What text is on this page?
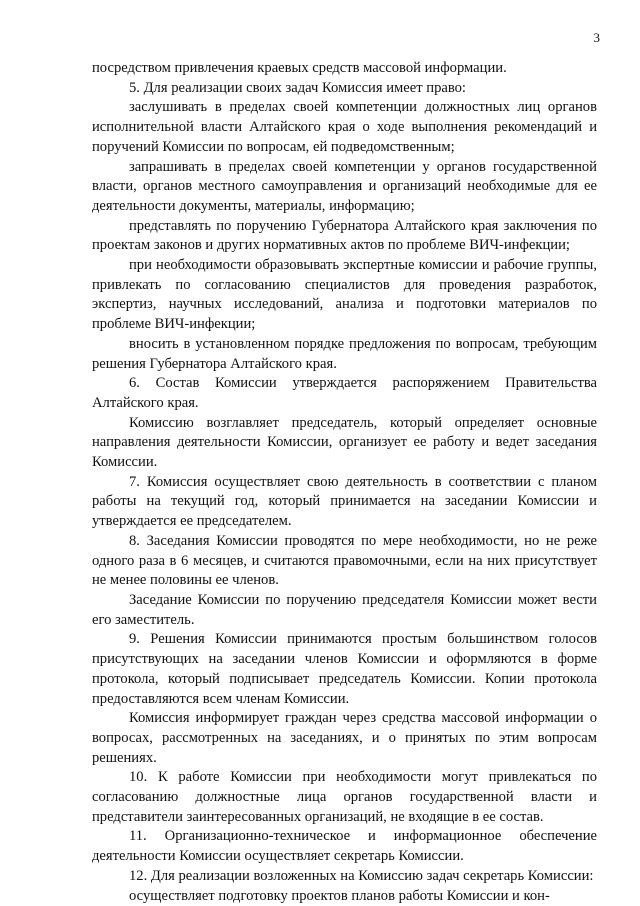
3

посредством привлечения краевых средств массовой информации.

5. Для реализации своих задач Комиссия имеет право:

заслушивать в пределах своей компетенции должностных лиц органов исполнительной власти Алтайского края о ходе выполнения рекомендаций и поручений Комиссии по вопросам, ей подведомственным;

запрашивать в пределах своей компетенции у органов государственной власти, органов местного самоуправления и организаций необходимые для ее деятельности документы, материалы, информацию;

представлять по поручению Губернатора Алтайского края заключения по проектам законов и других нормативных актов по проблеме ВИЧ-инфекции;

при необходимости образовывать экспертные комиссии и рабочие группы, привлекать по согласованию специалистов для проведения разработок, экспертиз, научных исследований, анализа и подготовки материалов по проблеме ВИЧ-инфекции;

вносить в установленном порядке предложения по вопросам, требующим решения Губернатора Алтайского края.

6. Состав Комиссии утверждается распоряжением Правительства Алтайского края.

Комиссию возглавляет председатель, который определяет основные направления деятельности Комиссии, организует ее работу и ведет заседания Комиссии.

7. Комиссия осуществляет свою деятельность в соответствии с планом работы на текущий год, который принимается на заседании Комиссии и утверждается ее председателем.

8. Заседания Комиссии проводятся по мере необходимости, но не реже одного раза в 6 месяцев, и считаются правомочными, если на них присутствует не менее половины ее членов.

Заседание Комиссии по поручению председателя Комиссии может вести его заместитель.

9. Решения Комиссии принимаются простым большинством голосов присутствующих на заседании членов Комиссии и оформляются в форме протокола, который подписывает председатель Комиссии. Копии протокола предоставляются всем членам Комиссии.

Комиссия информирует граждан через средства массовой информации о вопросах, рассмотренных на заседаниях, и о принятых по этим вопросам решениях.

10. К работе Комиссии при необходимости могут привлекаться по согласованию должностные лица органов государственной власти и представители заинтересованных организаций, не входящие в ее состав.

11. Организационно-техническое и информационное обеспечение деятельности Комиссии осуществляет секретарь Комиссии.

12. Для реализации возложенных на Комиссию задач секретарь Комиссии:

осуществляет подготовку проектов планов работы Комиссии и кон-
